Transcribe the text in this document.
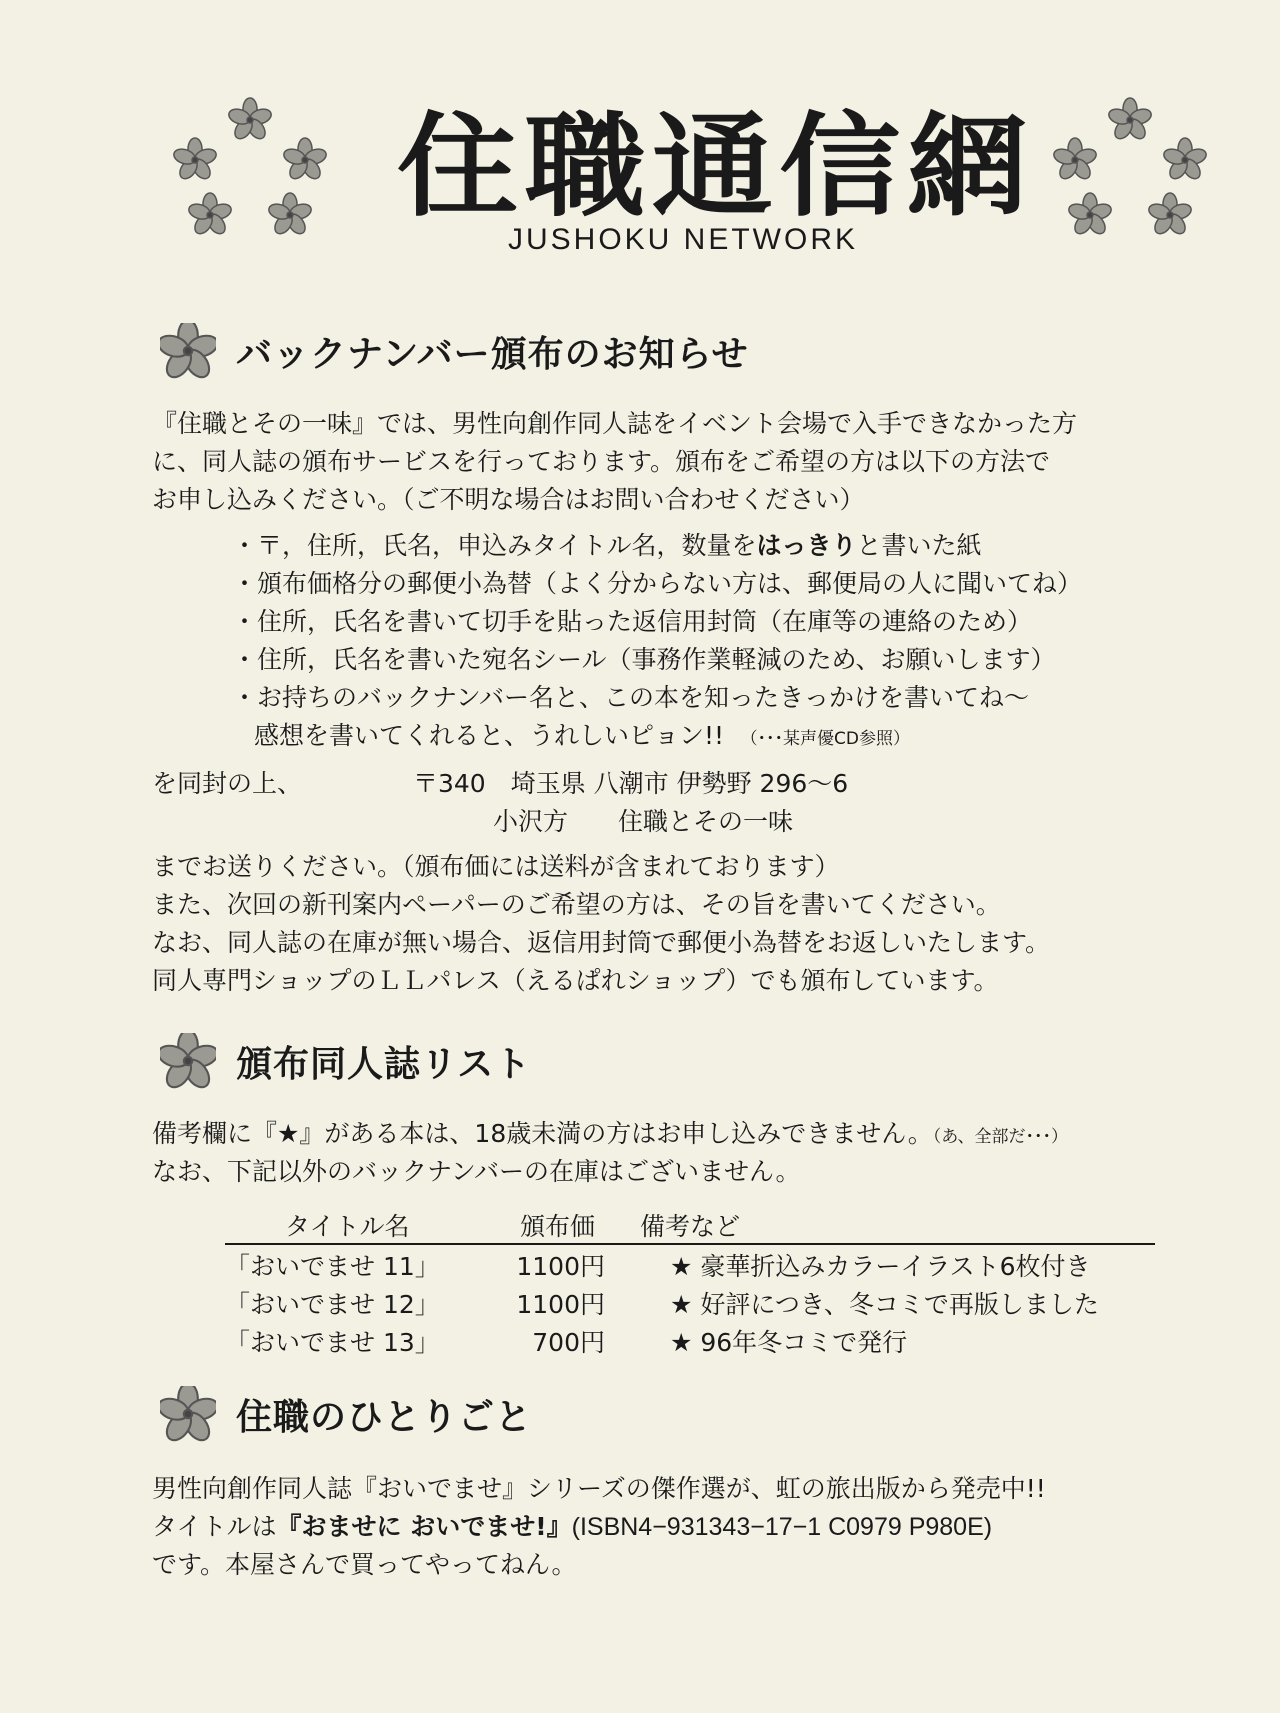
住職通信網
JUSHOKU NETWORK
バックナンバー頒布のお知らせ
『住職とその一味』では、男性向創作同人誌をイベント会場で入手できなかった方
に、同人誌の頒布サービスを行っております。頒布をご希望の方は以下の方法で
お申し込みください。（ご不明な場合はお問い合わせください）
・〒，住所，氏名，申込みタイトル名，数量をはっきりと書いた紙
・頒布価格分の郵便小為替（よく分からない方は、郵便局の人に聞いてね）
・住所，氏名を書いて切手を貼った返信用封筒（在庫等の連絡のため）
・住所，氏名を書いた宛名シール（事務作業軽減のため、お願いします）
・お持ちのバックナンバー名と、この本を知ったきっかけを書いてね～
感想を書いてくれると、うれしいピョン!!　 （･･･某声優CD参照）
を同封の上、	〒340　埼玉県 八潮市 伊勢野 296～6
小沢方　　住職とその一味
までお送りください。（頒布価には送料が含まれております）
また、次回の新刊案内ペーパーのご希望の方は、その旨を書いてください。
なお、同人誌の在庫が無い場合、返信用封筒で郵便小為替をお返しいたします。
同人専門ショップのＬＬパレス（えるぱれショップ）でも頒布しています。
頒布同人誌リスト
備考欄に『★』がある本は、18歳未満の方はお申し込みできません。（あ、全部だ･･･）
なお、下記以外のバックナンバーの在庫はございません。
タイトル名	頒布価 備考など
「おいでませ 11」	1100円	★ 豪華折込みカラーイラスト6枚付き
「おいでませ 12」	1100円	★ 好評につき、冬コミで再版しました
「おいでませ 13」	700円	★ 96年冬コミで発行
住職のひとりごと
男性向創作同人誌『おいでませ』シリーズの傑作選が、虹の旅出版から発売中!!
タイトルは『おませに おいでませ!』(ISBN4−931343−17−1 C0979 P980E)
です。本屋さんで買ってやってねん。
